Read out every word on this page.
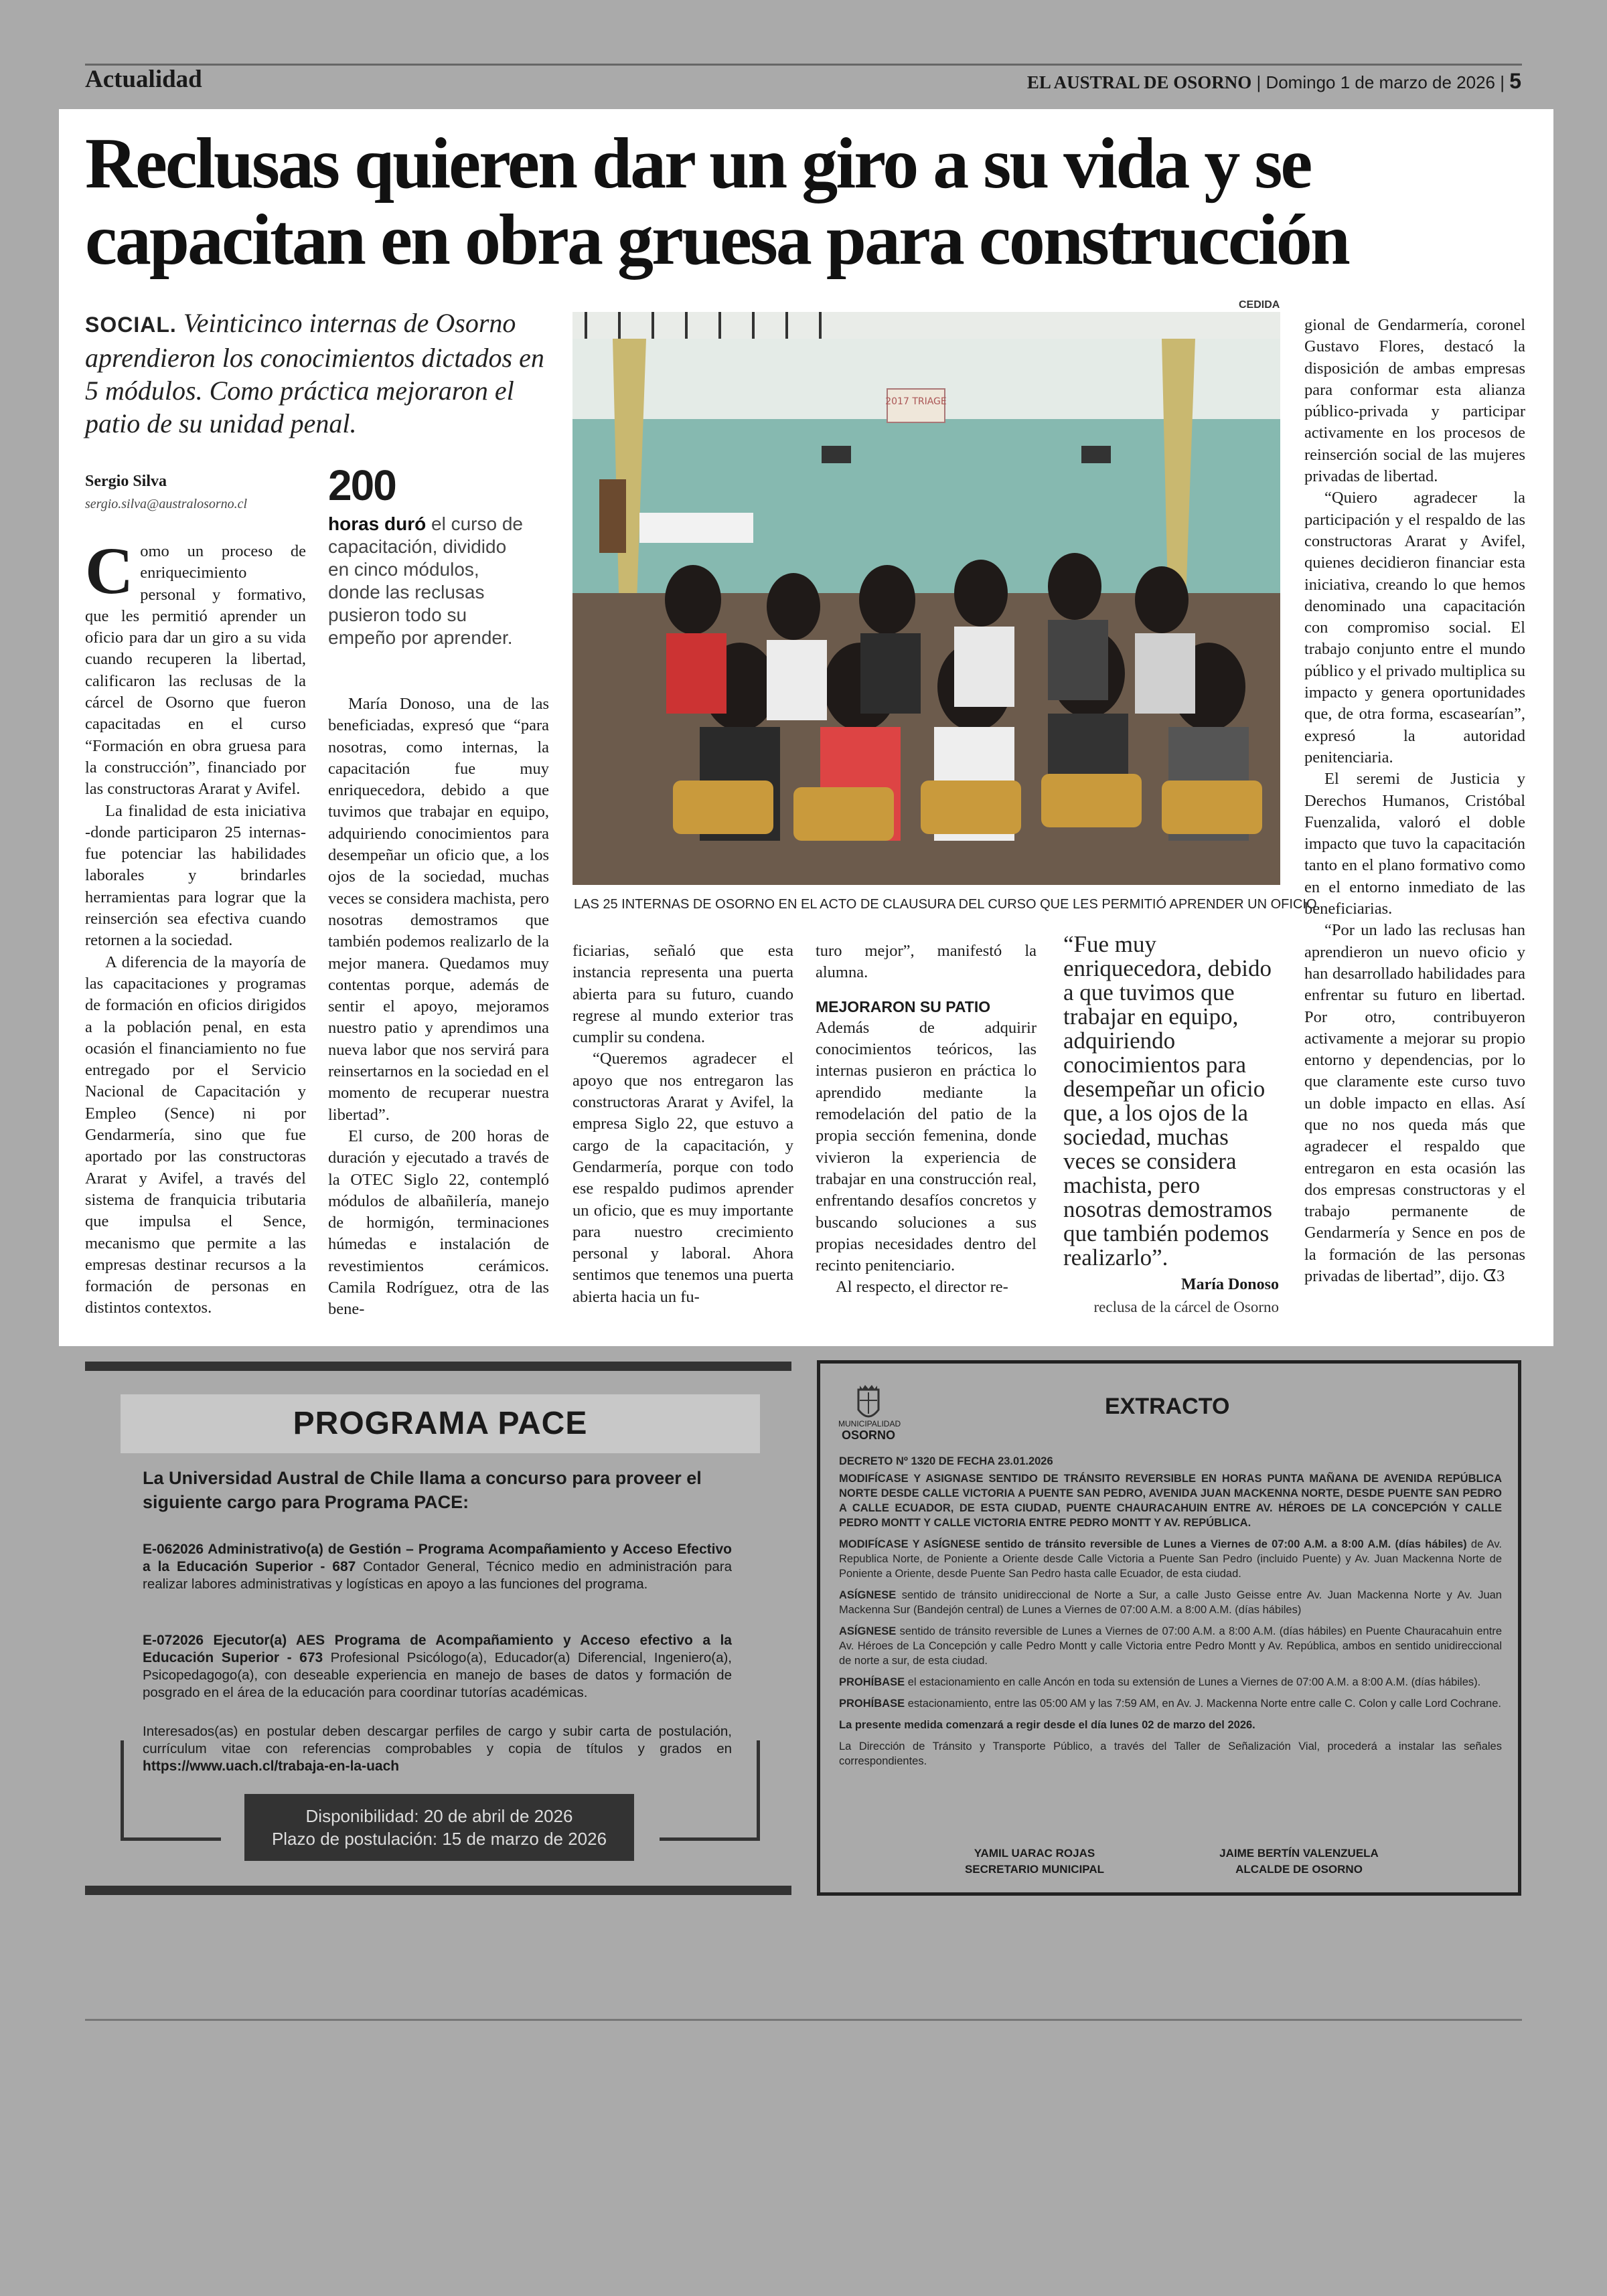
Actualidad	EL AUSTRAL DE OSORNO | Domingo 1 de marzo de 2026 | 5
Reclusas quieren dar un giro a su vida y se
capacitan en obra gruesa para construcción
SOCIAL. Veinticinco internas de Osorno aprendieron los conocimientos dictados en 5 módulos. Como práctica mejoraron el patio de su unidad penal.
Sergio Silva
sergio.silva@australosorno.cl 200
horas duró el curso de capacitación, dividido en cinco módulos, donde las reclusas pusieron todo su empeño por aprender.

Como un proceso de enriquecimiento personal y formativo, que les permitió aprender un oficio para dar un giro a su vida cuando recuperen la libertad, calificaron las reclusas de la cárcel de Osorno que fueron capacitadas en el curso “Formación en obra gruesa para la construcción”, financiado por las constructoras Ararat y Avifel.

La finalidad de esta iniciativa -donde participaron 25 internas- fue potenciar las habilidades laborales y brindarles herramientas para lograr que la reinserción sea efectiva cuando retornen a la sociedad.

A diferencia de la mayoría de las capacitaciones y programas de formación en oficios dirigidos a la población penal, en esta ocasión el financiamiento no fue entregado por el Servicio Nacional de Capacitación y Empleo (Sence) ni por Gendarmería, sino que fue aportado por las constructoras Ararat y Avifel, a través del sistema de franquicia tributaria que impulsa el Sence, mecanismo que permite a las empresas destinar recursos a la formación de personas en distintos contextos.

María Donoso, una de las beneficiadas, expresó que “para nosotras, como internas, la capacitación fue muy enriquecedora, debido a que tuvimos que trabajar en equipo, adquiriendo conocimientos para desempeñar un oficio que, a los ojos de la sociedad, muchas veces se considera machista, pero nosotras demostramos que también podemos realizarlo de la mejor manera. Quedamos muy contentas porque, además de sentir el apoyo, mejoramos nuestro patio y aprendimos una nueva labor que nos servirá para reinsertarnos en la sociedad en el momento de recuperar nuestra libertad”.

El curso, de 200 horas de duración y ejecutado a través de la OTEC Siglo 22, contempló módulos de albañilería, manejo de hormigón, terminaciones húmedas e instalación de revestimientos cerámicos. Camila Rodríguez, otra de las bene-

CEDIDA
2017 TRIAGE
LAS 25 INTERNAS DE OSORNO EN EL ACTO DE CLAUSURA DEL CURSO QUE LES PERMITIÓ APRENDER UN OFICIO.

ficiarias, señaló que esta instancia representa una puerta abierta para su futuro, cuando regrese al mundo exterior tras cumplir su condena.

“Queremos agradecer el apoyo que nos entregaron las constructoras Ararat y Avifel, la empresa Siglo 22, que estuvo a cargo de la capacitación, y Gendarmería, porque con todo ese respaldo pudimos aprender un oficio, que es muy importante para nuestro crecimiento personal y laboral. Ahora sentimos que tenemos una puerta abierta hacia un fu-

turo mejor”, manifestó la alumna.

MEJORARON SU PATIO

Además de adquirir conocimientos teóricos, las internas pusieron en práctica lo aprendido mediante la remodelación del patio de la propia sección femenina, donde vivieron la experiencia de trabajar en una construcción real, enfrentando desafíos concretos y buscando soluciones a sus propias necesidades dentro del recinto penitenciario.

Al respecto, el director re-

“Fue muy enriquecedora, debido a que tuvimos que trabajar en equipo, adquiriendo conocimientos para desempeñar un oficio que, a los ojos de la sociedad, muchas veces se considera machista, pero nosotras demostramos que también podemos realizarlo”.
María Donoso
reclusa de la cárcel de Osorno

gional de Gendarmería, coronel Gustavo Flores, destacó la disposición de ambas empresas para conformar esta alianza público-privada y participar activamente en los procesos de reinserción social de las mujeres privadas de libertad.

“Quiero agradecer la participación y el respaldo de las constructoras Ararat y Avifel, quienes decidieron financiar esta iniciativa, creando lo que hemos denominado una capacitación con compromiso social. El trabajo conjunto entre el mundo público y el privado multiplica su impacto y genera oportunidades que, de otra forma, escasearían”, expresó la autoridad penitenciaria.

El seremi de Justicia y Derechos Humanos, Cristóbal Fuenzalida, valoró el doble impacto que tuvo la capacitación tanto en el plano formativo como en el entorno inmediato de las beneficiarias.

“Por un lado las reclusas han aprendieron un nuevo oficio y han desarrollado habilidades para enfrentar su futuro en libertad. Por otro, contribuyeron activamente a mejorar su propio entorno y dependencias, por lo que claramente este curso tuvo un doble impacto en ellas. Así que no nos queda más que agradecer el respaldo que entregaron en esta ocasión las dos empresas constructoras y el trabajo permanente de Gendarmería y Sence en pos de la formación de las personas privadas de libertad”, dijo. ᗧ3

PROGRAMA PACE
La Universidad Austral de Chile llama a concurso para proveer el siguiente cargo para Programa PACE:
E-062026 Administrativo(a) de Gestión – Programa Acompañamiento y Acceso Efectivo a la Educación Superior - 687 Contador General, Técnico medio en administración para realizar labores administrativas y logísticas en apoyo a las funciones del programa.
E-072026 Ejecutor(a) AES Programa de Acompañamiento y Acceso efectivo a la Educación Superior - 673 Profesional Psicólogo(a), Educador(a) Diferencial, Ingeniero(a), Psicopedagogo(a), con deseable experiencia en manejo de bases de datos y formación de posgrado en el área de la educación para coordinar tutorías académicas.
Interesados(as) en postular deben descargar perfiles de cargo y subir carta de postulación, currículum vitae con referencias comprobables y copia de títulos y grados en https://www.uach.cl/trabaja-en-la-uach
Disponibilidad: 20 de abril de 2026
Plazo de postulación: 15 de marzo de 2026
MUNICIPALIDAD
OSORNO
EXTRACTO

DECRETO Nº 1320 DE FECHA 23.01.2026

MODIFÍCASE Y ASIGNASE SENTIDO DE TRÁNSITO REVERSIBLE EN HORAS PUNTA MAÑANA DE AVENIDA REPÚBLICA NORTE DESDE CALLE VICTORIA A PUENTE SAN PEDRO, AVENIDA JUAN MACKENNA NORTE, DESDE PUENTE SAN PEDRO A CALLE ECUADOR, DE ESTA CIUDAD, PUENTE CHAURACAHUIN ENTRE AV. HÉROES DE LA CONCEPCIÓN Y CALLE PEDRO MONTT Y CALLE VICTORIA ENTRE PEDRO MONTT Y AV. REPÚBLICA.

MODIFÍCASE Y ASÍGNESE sentido de tránsito reversible de Lunes a Viernes de 07:00 A.M. a 8:00 A.M. (días hábiles) de Av. Republica Norte, de Poniente a Oriente desde Calle Victoria a Puente San Pedro (incluido Puente) y Av. Juan Mackenna Norte de Poniente a Oriente, desde Puente San Pedro hasta calle Ecuador, de esta ciudad.

ASÍGNESE sentido de tránsito unidireccional de Norte a Sur, a calle Justo Geisse entre Av. Juan Mackenna Norte y Av. Juan Mackenna Sur (Bandejón central) de Lunes a Viernes de 07:00 A.M. a 8:00 A.M. (días hábiles)

ASÍGNESE sentido de tránsito reversible de Lunes a Viernes de 07:00 A.M. a 8:00 A.M. (días hábiles) en Puente Chauracahuin entre Av. Héroes de La Concepción y calle Pedro Montt y calle Victoria entre Pedro Montt y Av. República, ambos en sentido unidireccional de norte a sur, de esta ciudad.

PROHÍBASE el estacionamiento en calle Ancón en toda su extensión de Lunes a Viernes de 07:00 A.M. a 8:00 A.M. (días hábiles).

PROHÍBASE estacionamiento, entre las 05:00 AM y las 7:59 AM, en Av. J. Mackenna Norte entre calle C. Colon y calle Lord Cochrane.

La presente medida comenzará a regir desde el día lunes 02 de marzo del 2026.

La Dirección de Tránsito y Transporte Público, a través del Taller de Señalización Vial, procederá a instalar las señales correspondientes.

YAMIL UARAC ROJAS
SECRETARIO MUNICIPAL
JAIME BERTÍN VALENZUELA
ALCALDE DE OSORNO
